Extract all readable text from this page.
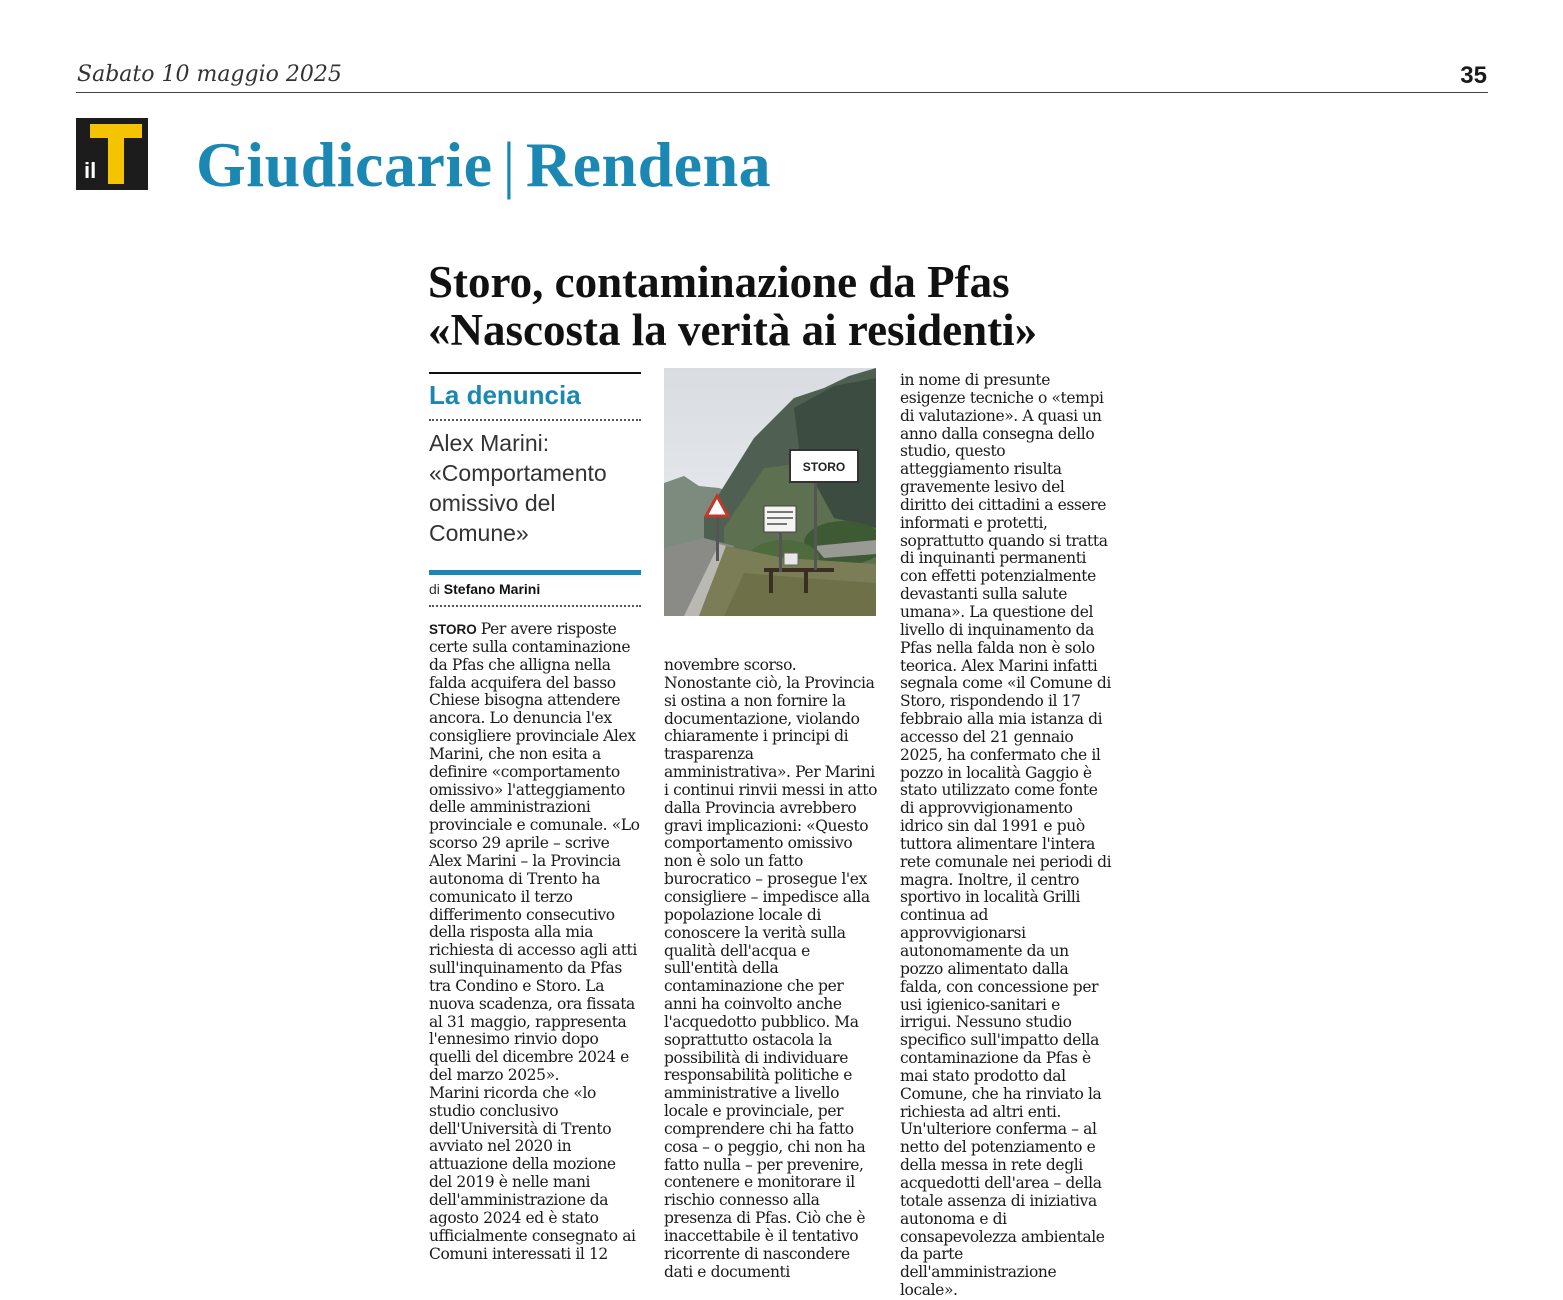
Sabato 10 maggio 2025	35
il Giudicarie | Rendena
Storo, contaminazione da Pfas
«Nascosta la verità ai residenti»
La denuncia
Alex Marini: «Comportamento omissivo del Comune»
di Stefano Marini
STORO

STORO Per avere risposte certe sulla contaminazione da Pfas che alligna nella falda acquifera del basso Chiese bisogna attendere ancora. Lo denuncia l'ex consigliere provinciale Alex Marini, che non esita a definire «comportamento omissivo» l'atteggiamento delle amministrazioni provinciale e comunale. «Lo scorso 29 aprile – scrive Alex Marini – la Provincia autonoma di Trento ha comunicato il terzo differimento consecutivo della risposta alla mia richiesta di accesso agli atti sull'inquinamento da Pfas tra Condino e Storo. La nuova scadenza, ora fissata al 31 maggio, rappresenta l'ennesimo rinvio dopo quelli del dicembre 2024 e del marzo 2025».

Marini ricorda che «lo studio conclusivo dell'Università di Trento avviato nel 2020 in attuazione della mozione del 2019 è nelle mani dell'amministrazione da agosto 2024 ed è stato ufficialmente consegnato ai Comuni interessati il 12

novembre scorso. Nonostante ciò, la Provincia si ostina a non fornire la documentazione, violando chiaramente i principi di trasparenza amministrativa». Per Marini i continui rinvii messi in atto dalla Provincia avrebbero gravi implicazioni: «Questo comportamento omissivo non è solo un fatto burocratico – prosegue l'ex consigliere – impedisce alla popolazione locale di conoscere la verità sulla qualità dell'acqua e sull'entità della contaminazione che per anni ha coinvolto anche l'acquedotto pubblico. Ma soprattutto ostacola la possibilità di individuare responsabilità politiche e amministrative a livello locale e provinciale, per comprendere chi ha fatto cosa – o peggio, chi non ha fatto nulla – per prevenire, contenere e monitorare il rischio connesso alla presenza di Pfas. Ciò che è inaccettabile è il tentativo ricorrente di nascondere dati e documenti

in nome di presunte esigenze tecniche o «tempi di valutazione». A quasi un anno dalla consegna dello studio, questo atteggiamento risulta gravemente lesivo del diritto dei cittadini a essere informati e protetti, soprattutto quando si tratta di inquinanti permanenti con effetti potenzialmente devastanti sulla salute umana». La questione del livello di inquinamento da Pfas nella falda non è solo teorica. Alex Marini infatti segnala come «il Comune di Storo, rispondendo il 17 febbraio alla mia istanza di accesso del 21 gennaio 2025, ha confermato che il pozzo in località Gaggio è stato utilizzato come fonte di approvvigionamento idrico sin dal 1991 e può tuttora alimentare l'intera rete comunale nei periodi di magra. Inoltre, il centro sportivo in località Grilli continua ad approvvigionarsi autonomamente da un pozzo alimentato dalla falda, con concessione per usi igienico-sanitari e irrigui. Nessuno studio specifico sull'impatto della contaminazione da Pfas è mai stato prodotto dal Comune, che ha rinviato la richiesta ad altri enti. Un'ulteriore conferma – al netto del potenziamento e della messa in rete degli acquedotti dell'area – della totale assenza di iniziativa autonoma e di consapevolezza ambientale da parte dell'amministrazione locale».
